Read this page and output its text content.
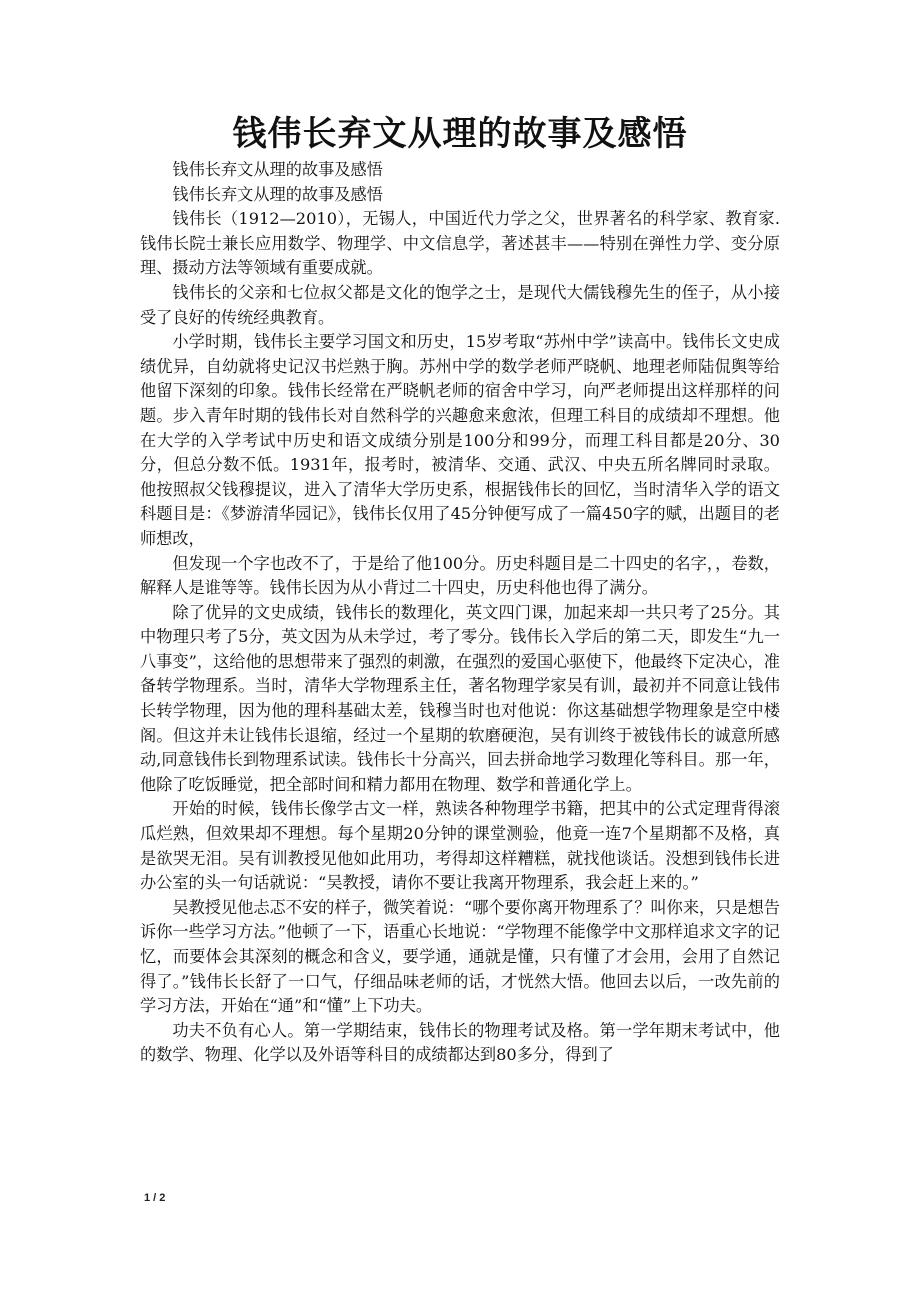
钱伟长弃文从理的故事及感悟

钱伟长弃文从理的故事及感悟

钱伟长弃文从理的故事及感悟

钱伟长（1912—2010），无锡人，中国近代力学之父，世界著名的科学家、教育家.钱伟长院士兼长应用数学、物理学、中文信息学，著述甚丰——特别在弹性力学、变分原理、摄动方法等领域有重要成就。

钱伟长的父亲和七位叔父都是文化的饱学之士，是现代大儒钱穆先生的侄子，从小接受了良好的传统经典教育。

小学时期，钱伟长主要学习国文和历史，15岁考取“苏州中学”读高中。钱伟长文史成绩优异，自幼就将史记汉书烂熟于胸。苏州中学的数学老师严晓帆、地理老师陆侃舆等给他留下深刻的印象。钱伟长经常在严晓帆老师的宿舍中学习，向严老师提出这样那样的问题。步入青年时期的钱伟长对自然科学的兴趣愈来愈浓，但理工科目的成绩却不理想。他在大学的入学考试中历史和语文成绩分别是100分和99分，而理工科目都是20分、30分，但总分数不低。1931年，报考时，被清华、交通、武汉、中央五所名牌同时录取。他按照叔父钱穆提议，进入了清华大学历史系，根据钱伟长的回忆，当时清华入学的语文科题目是：《梦游清华园记》，钱伟长仅用了45分钟便写成了一篇450字的赋，出题目的老师想改，

但发现一个字也改不了，于是给了他100分。历史科题目是二十四史的名字，，卷数，解释人是谁等等。钱伟长因为从小背过二十四史，历史科他也得了满分。

除了优异的文史成绩，钱伟长的数理化，英文四门课，加起来却一共只考了25分。其中物理只考了5分，英文因为从未学过，考了零分。钱伟长入学后的第二天，即发生“九一八事变”，这给他的思想带来了强烈的刺激，在强烈的爱国心驱使下，他最终下定决心，准备转学物理系。当时，清华大学物理系主任，著名物理学家吴有训，最初并不同意让钱伟长转学物理，因为他的理科基础太差，钱穆当时也对他说：你这基础想学物理象是空中楼阁。但这并未让钱伟长退缩，经过一个星期的软磨硬泡，吴有训终于被钱伟长的诚意所感动,同意钱伟长到物理系试读。钱伟长十分高兴，回去拼命地学习数理化等科目。那一年，他除了吃饭睡觉，把全部时间和精力都用在物理、数学和普通化学上。

开始的时候，钱伟长像学古文一样，熟读各种物理学书籍，把其中的公式定理背得滚瓜烂熟，但效果却不理想。每个星期20分钟的课堂测验，他竟一连7个星期都不及格，真是欲哭无泪。吴有训教授见他如此用功，考得却这样糟糕，就找他谈话。没想到钱伟长进办公室的头一句话就说：“吴教授，请你不要让我离开物理系，我会赶上来的。”

吴教授见他忐忑不安的样子，微笑着说：“哪个要你离开物理系了？叫你来，只是想告诉你一些学习方法。”他顿了一下，语重心长地说：“学物理不能像学中文那样追求文字的记忆，而要体会其深刻的概念和含义，要学通，通就是懂，只有懂了才会用，会用了自然记得了。”钱伟长长舒了一口气，仔细品味老师的话，才恍然大悟。他回去以后，一改先前的学习方法，开始在“通”和“懂”上下功夫。

功夫不负有心人。第一学期结束，钱伟长的物理考试及格。第一学年期末考试中，他的数学、物理、化学以及外语等科目的成绩都达到80多分，得到了

1 / 2
